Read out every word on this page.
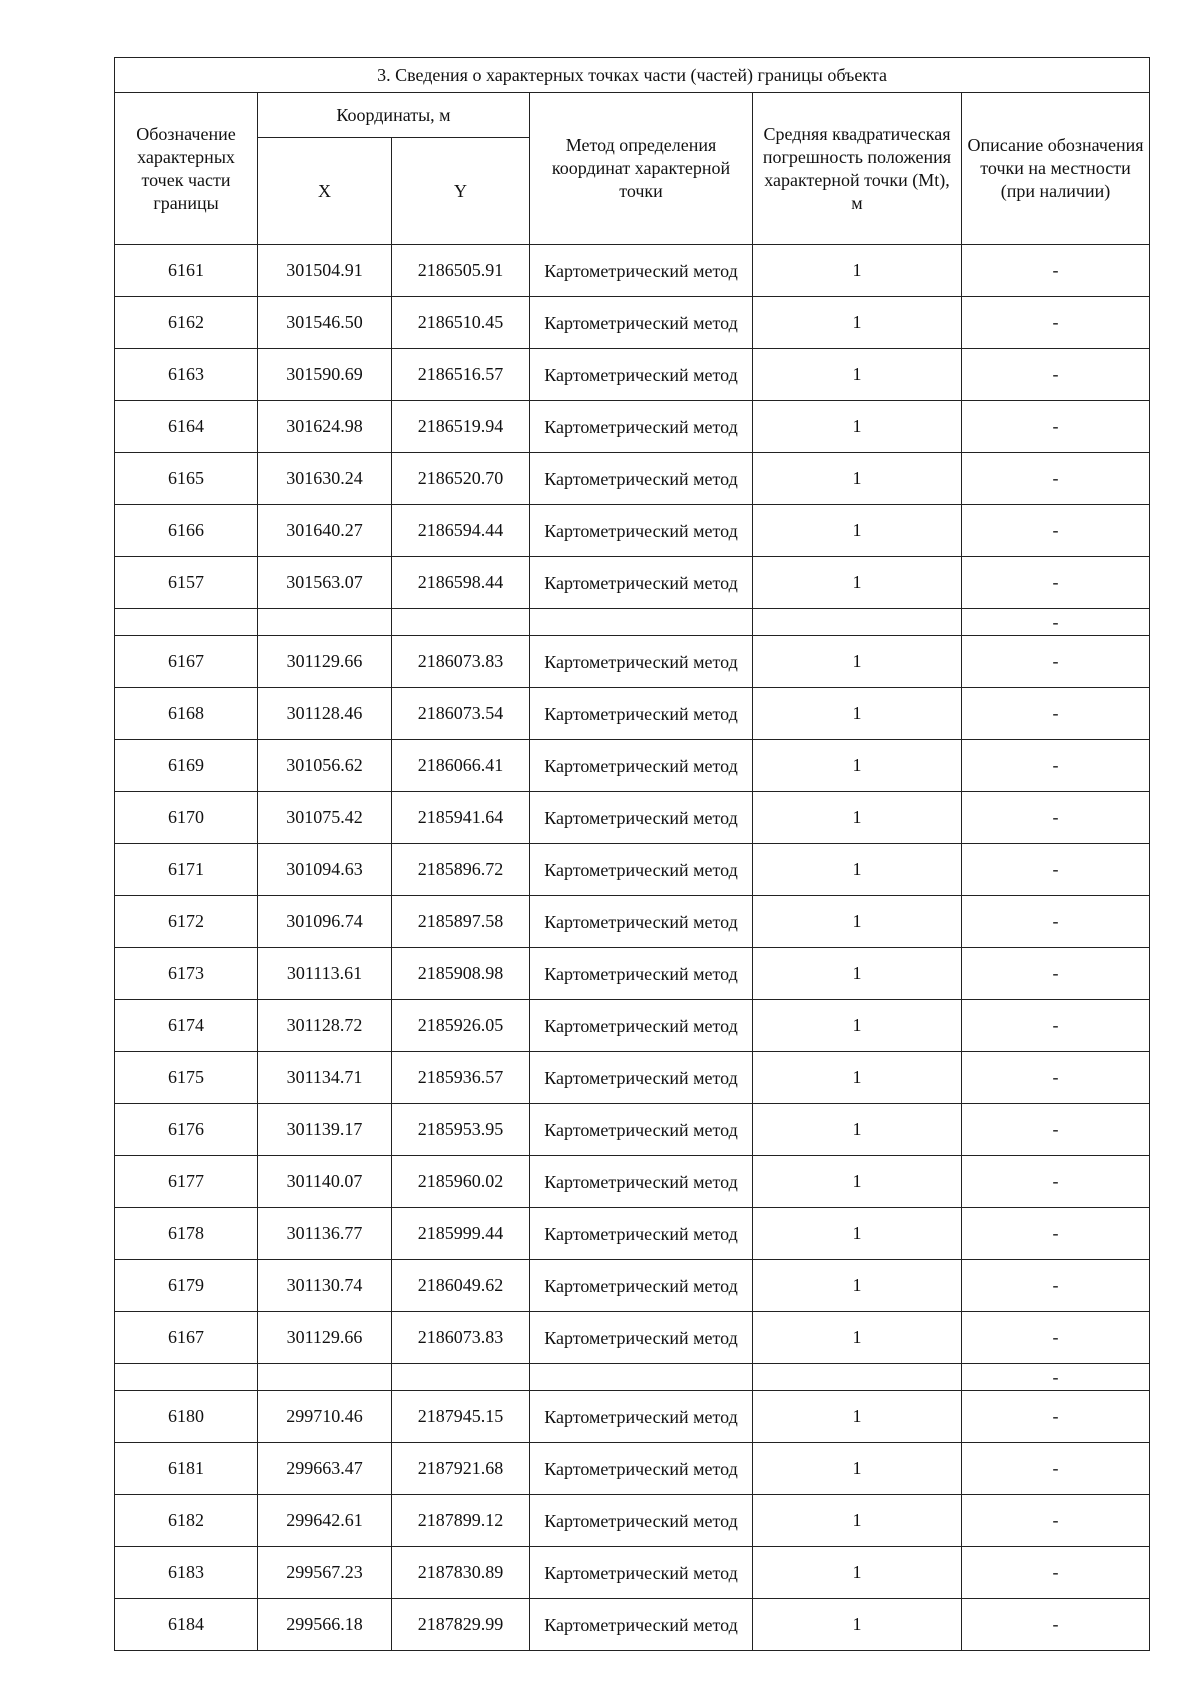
3. Сведения о характерных точках части (частей) границы объекта					
Обозначение характерных точек части границы	Координаты, м		Метод определения координат характерной точки	Средняя квадратическая погрешность положения характерной точки (Mt), м	Описание обозначения точки на местности (при наличии)
	X	Y			
6161	301504.91	2186505.91	Картометрический метод	1	-
6162	301546.50	2186510.45	Картометрический метод	1	-
6163	301590.69	2186516.57	Картометрический метод	1	-
6164	301624.98	2186519.94	Картометрический метод	1	-
6165	301630.24	2186520.70	Картометрический метод	1	-
6166	301640.27	2186594.44	Картометрический метод	1	-
6157	301563.07	2186598.44	Картометрический метод	1	-
					-
6167	301129.66	2186073.83	Картометрический метод	1	-
6168	301128.46	2186073.54	Картометрический метод	1	-
6169	301056.62	2186066.41	Картометрический метод	1	-
6170	301075.42	2185941.64	Картометрический метод	1	-
6171	301094.63	2185896.72	Картометрический метод	1	-
6172	301096.74	2185897.58	Картометрический метод	1	-
6173	301113.61	2185908.98	Картометрический метод	1	-
6174	301128.72	2185926.05	Картометрический метод	1	-
6175	301134.71	2185936.57	Картометрический метод	1	-
6176	301139.17	2185953.95	Картометрический метод	1	-
6177	301140.07	2185960.02	Картометрический метод	1	-
6178	301136.77	2185999.44	Картометрический метод	1	-
6179	301130.74	2186049.62	Картометрический метод	1	-
6167	301129.66	2186073.83	Картометрический метод	1	-
					-
6180	299710.46	2187945.15	Картометрический метод	1	-
6181	299663.47	2187921.68	Картометрический метод	1	-
6182	299642.61	2187899.12	Картометрический метод	1	-
6183	299567.23	2187830.89	Картометрический метод	1	-
6184	299566.18	2187829.99	Картометрический метод	1	-
